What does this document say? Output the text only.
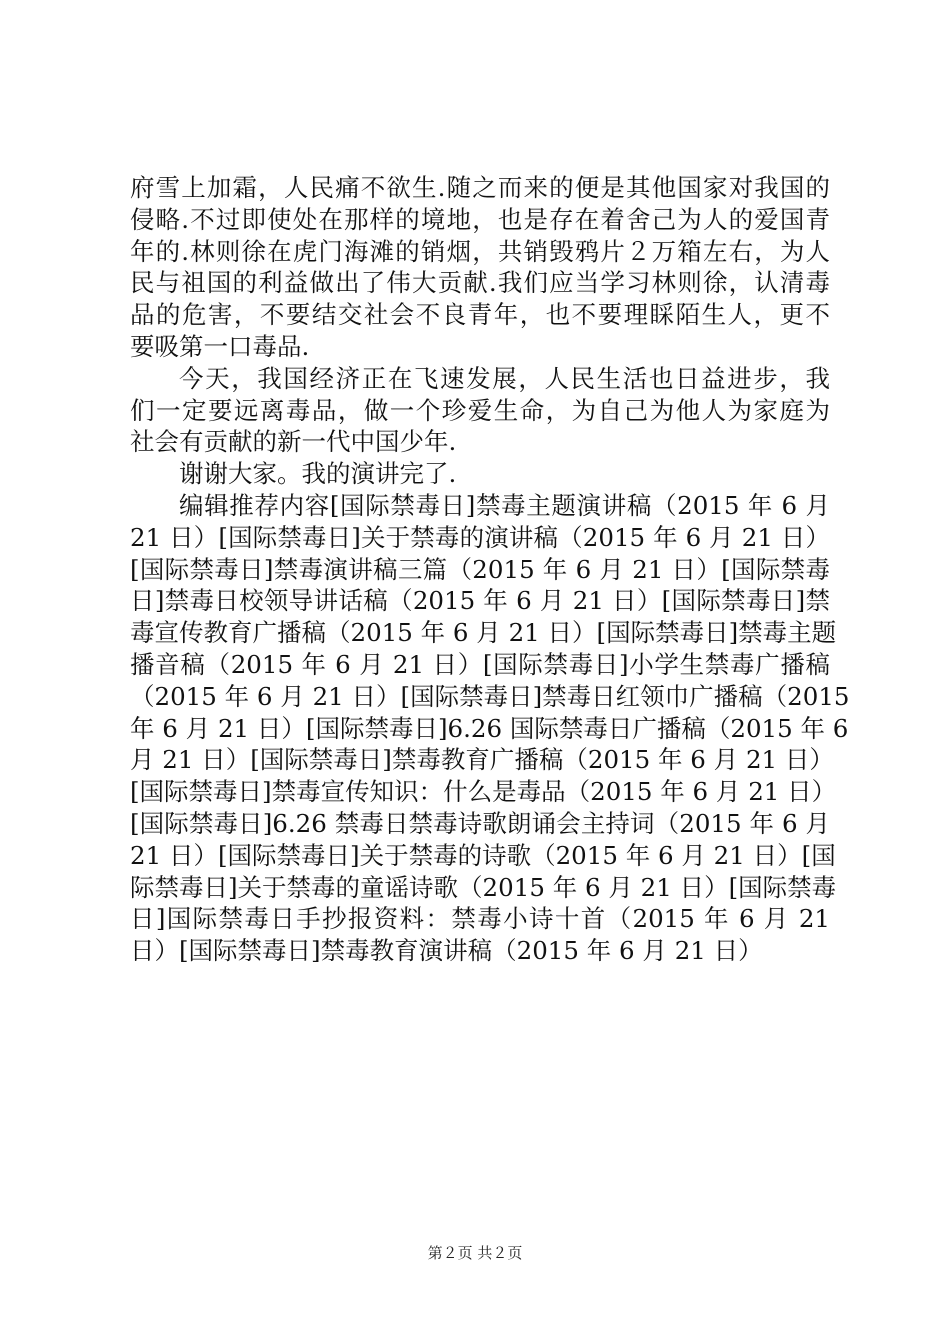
府雪上加霜，人民痛不欲生.随之而来的便是其他国家对我国的
侵略.不过即使处在那样的境地，也是存在着舍己为人的爱国青
年的.林则徐在虎门海滩的销烟，共销毁鸦片２万箱左右，为人
民与祖国的利益做出了伟大贡献.我们应当学习林则徐，认清毒
品的危害，不要结交社会不良青年，也不要理睬陌生人，更不
要吸第一口毒品.
今天，我国经济正在飞速发展，人民生活也日益进步，我
们一定要远离毒品，做一个珍爱生命，为自己为他人为家庭为
社会有贡献的新一代中国少年.
谢谢大家。我的演讲完了.
编辑推荐内容[国际禁毒日]禁毒主题演讲稿（2015 年 6 月
21 日）[国际禁毒日]关于禁毒的演讲稿（2015 年 6 月 21 日）
[国际禁毒日]禁毒演讲稿三篇（2015 年 6 月 21 日）[国际禁毒
日]禁毒日校领导讲话稿（2015 年 6 月 21 日）[国际禁毒日]禁
毒宣传教育广播稿（2015 年 6 月 21 日）[国际禁毒日]禁毒主题
播音稿（2015 年 6 月 21 日）[国际禁毒日]小学生禁毒广播稿
（2015 年 6 月 21 日）[国际禁毒日]禁毒日红领巾广播稿（2015
年 6 月 21 日）[国际禁毒日]6.26 国际禁毒日广播稿（2015 年 6
月 21 日）[国际禁毒日]禁毒教育广播稿（2015 年 6 月 21 日）
[国际禁毒日]禁毒宣传知识：什么是毒品（2015 年 6 月 21 日）
[国际禁毒日]6.26 禁毒日禁毒诗歌朗诵会主持词（2015 年 6 月
21 日）[国际禁毒日]关于禁毒的诗歌（2015 年 6 月 21 日）[国
际禁毒日]关于禁毒的童谣诗歌（2015 年 6 月 21 日）[国际禁毒
日]国际禁毒日手抄报资料：禁毒小诗十首（2015 年 6 月 21
日）[国际禁毒日]禁毒教育演讲稿（2015 年 6 月 21 日）
第２页 共２页
